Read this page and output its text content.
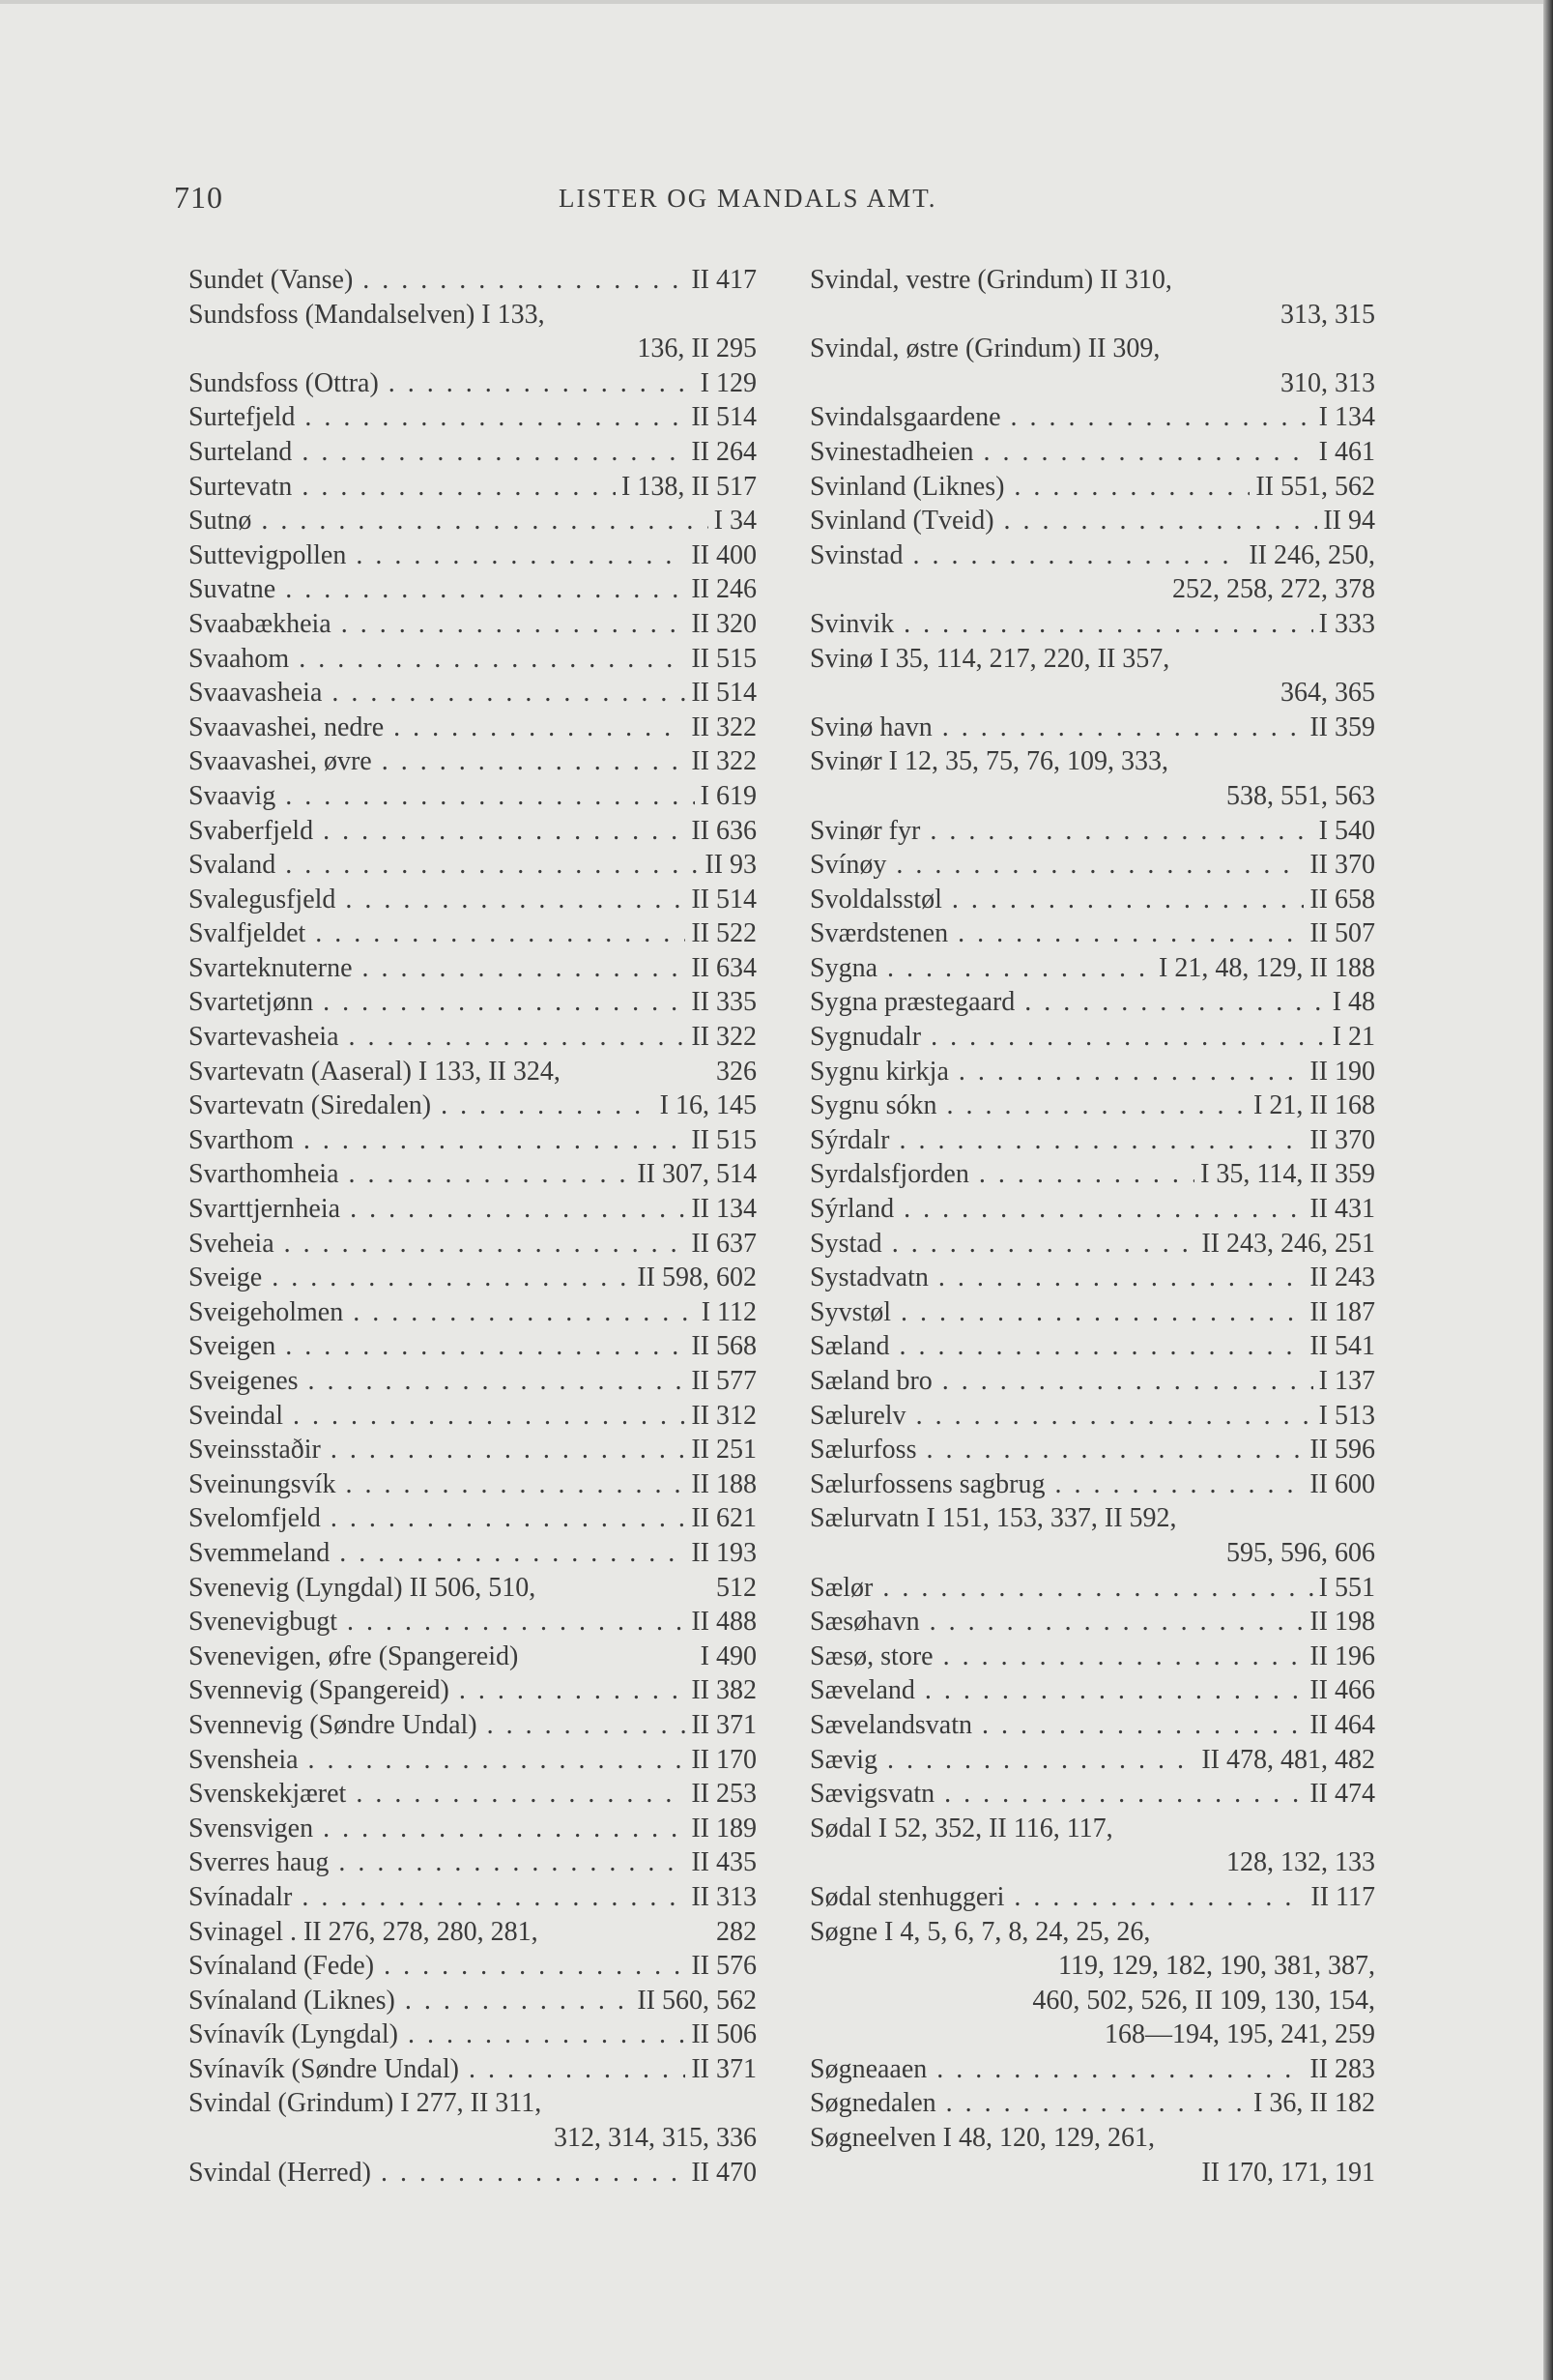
710	LISTER OG MANDALS AMT.
Sundet (Vanse) . . .	II 417
Sundsfoss (Mandalselven) I 133,
136, II 295
Sundsfoss (Ottra) . . .	I 129
Surtefjeld . . .	II 514
Surteland . . .	II 264
Surtevatn . . .	I 138, II 517
Sutnø . . .	I 34
Suttevigpollen . . .	II 400
Suvatne . . .	II 246
Svaabækheia . . .	II 320
Svaahom . . .	II 515
Svaavasheia . . .	II 514
Svaavashei, nedre . . .	II 322
Svaavashei, øvre . . .	II 322
Svaavig . . .	I 619
Svaberfjeld . . .	II 636
Svaland . . .	II 93
Svalegusfjeld . . .	II 514
Svalfjeldet . . .	II 522
Svarteknuterne . . .	II 634
Svartetjønn . . .	II 335
Svartevasheia . . .	II 322
Svartevatn (Aaseral) I 133, II 324,	326
Svartevatn (Siredalen) . . .	I 16, 145
Svarthom . . .	II 515
Svarthomheia . . .	II 307, 514
Svarttjernheia . . .	II 134
Sveheia . . .	II 637
Sveige . . .	II 598, 602
Sveigeholmen . . .	I 112
Sveigen . . .	II 568
Sveigenes . . .	II 577
Sveindal . . .	II 312
Sveinsstaðir . . .	II 251
Sveinungsvík . . .	II 188
Svelomfjeld . . .	II 621
Svemmeland . . .	II 193
Svenevig (Lyngdal) II 506, 510,	512
Svenevigbugt . . .	II 488
Svenevigen, øfre (Spangereid)	I 490
Svennevig (Spangereid) . . .	II 382
Svennevig (Søndre Undal) . . .	II 371
Svensheia . . .	II 170
Svenskekjæret . . .	II 253
Svensvigen . . .	II 189
Sverres haug . . .	II 435
Svínadalr . . .	II 313
Svinagel . II 276, 278, 280, 281,	282
Svínaland (Fede) . . .	II 576
Svínaland (Liknes) . . .	II 560, 562
Svínavík (Lyngdal) . . .	II 506
Svínavík (Søndre Undal) . . .	II 371
Svindal (Grindum) I 277, II 311,
312, 314, 315, 336
Svindal (Herred) . . .	II 470
Svindal, vestre (Grindum) II 310,
313, 315
Svindal, østre (Grindum) II 309,
310, 313
Svindalsgaardene . . .	I 134
Svinestadheien . . .	I 461
Svinland (Liknes) . . .	II 551, 562
Svinland (Tveid) . . .	II 94
Svinstad . . .	II 246, 250,
252, 258, 272, 378
Svinvik . . .	I 333
Svinø I 35, 114, 217, 220, II 357,
364, 365
Svinø havn . . .	II 359
Svinør I 12, 35, 75, 76, 109, 333,
538, 551, 563
Svinør fyr . . .	I 540
Svínøy . . .	II 370
Svoldalsstøl . . .	II 658
Sværdstenen . . .	II 507
Sygna . . .	I 21, 48, 129, II 188
Sygna præstegaard . . .	I 48
Sygnudalr . . .	I 21
Sygnu kirkja . . .	II 190
Sygnu sókn . . .	I 21, II 168
Sýrdalr . . .	II 370
Syrdalsfjorden . . .	I 35, 114, II 359
Sýrland . . .	II 431
Systad . . .	II 243, 246, 251
Systadvatn . . .	II 243
Syvstøl . . .	II 187
Sæland . . .	II 541
Sæland bro . . .	I 137
Sælurelv . . .	I 513
Sælurfoss . . .	II 596
Sælurfossens sagbrug . . .	II 600
Sælurvatn I 151, 153, 337, II 592,
595, 596, 606
Sælør . . .	I 551
Sæsøhavn . . .	II 198
Sæsø, store . . .	II 196
Sæveland . . .	II 466
Sævelandsvatn . . .	II 464
Sævig . . .	II 478, 481, 482
Sævigsvatn . . .	II 474
Sødal I 52, 352, II 116, 117,
128, 132, 133
Sødal stenhuggeri . . .	II 117
Søgne I 4, 5, 6, 7, 8, 24, 25, 26,
119, 129, 182, 190, 381, 387,
460, 502, 526, II 109, 130, 154,
168—194, 195, 241, 259
Søgneaaen . . .	II 283
Søgnedalen . . .	I 36, II 182
Søgneelven I 48, 120, 129, 261,
II 170, 171, 191
